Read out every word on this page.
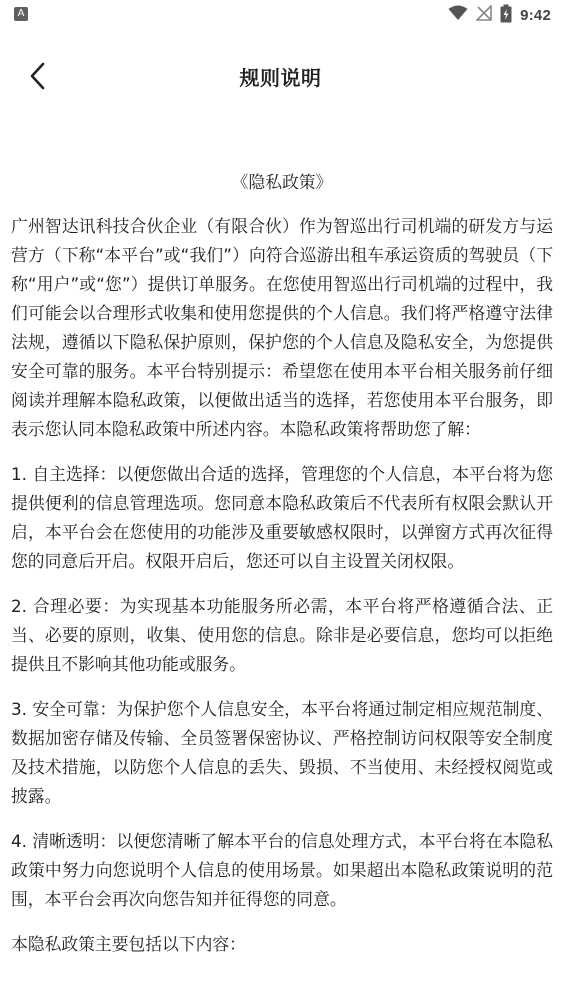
A	9:42
规则说明
《隐私政策》

广州智达讯科技合伙企业（有限合伙）作为智巡出行司机端的研发方与运营方（下称“本平台”或“我们”）向符合巡游出租车承运资质的驾驶员（下称“用户”或“您”）提供订单服务。在您使用智巡出行司机端的过程中，我们可能会以合理形式收集和使用您提供的个人信息。我们将严格遵守法律法规，遵循以下隐私保护原则，保护您的个人信息及隐私安全，为您提供安全可靠的服务。本平台特别提示：希望您在使用本平台相关服务前仔细阅读并理解本隐私政策，以便做出适当的选择，若您使用本平台服务，即表示您认同本隐私政策中所述内容。本隐私政策将帮助您了解：

1. 自主选择：以便您做出合适的选择，管理您的个人信息，本平台将为您提供便利的信息管理选项。您同意本隐私政策后不代表所有权限会默认开启，本平台会在您使用的功能涉及重要敏感权限时，以弹窗方式再次征得您的同意后开启。权限开启后，您还可以自主设置关闭权限。

2. 合理必要：为实现基本功能服务所必需，本平台将严格遵循合法、正当、必要的原则，收集、使用您的信息。除非是必要信息，您均可以拒绝提供且不影响其他功能或服务。

3. 安全可靠：为保护您个人信息安全，本平台将通过制定相应规范制度、数据加密存储及传输、全员签署保密协议、严格控制访问权限等安全制度及技术措施，以防您个人信息的丢失、毁损、不当使用、未经授权阅览或披露。

4. 清晰透明：以便您清晰了解本平台的信息处理方式，本平台将在本隐私政策中努力向您说明个人信息的使用场景。如果超出本隐私政策说明的范围，本平台会再次向您告知并征得您的同意。

本隐私政策主要包括以下内容：
